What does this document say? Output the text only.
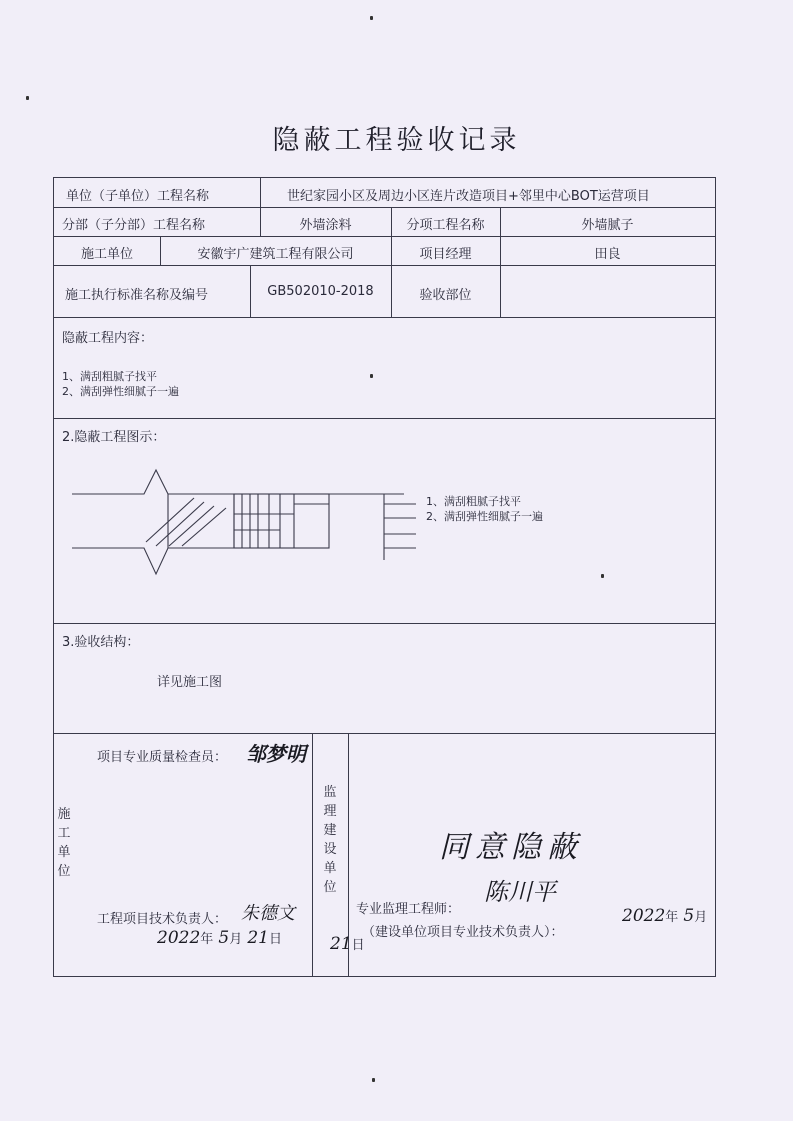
隐蔽工程验收记录
单位（子单位）工程名称	世纪家园小区及周边小区连片改造项目+邻里中心BOT运营项目
分部（子分部）工程名称	外墙涂料	分项工程名称	外墙腻子
施工单位	安徽宇广建筑工程有限公司	项目经理	田良
施工执行标准名称及编号	GB502010-2018	验收部位
隐蔽工程内容：
1、满刮粗腻子找平
2、满刮弹性细腻子一遍
2.隐蔽工程图示：
1、满刮粗腻子找平
2、满刮弹性细腻子一遍
3.验收结构：
详见施工图
施工单位
项目专业质量检查员： 邹梦明
工程项目技术负责人： 朱德文
2022年 5月 21日
监理建设单位
同意隐蔽
专业监理工程师：
陈川平
（建设单位项目专业技术负责人）：
2022年 5月
21日
